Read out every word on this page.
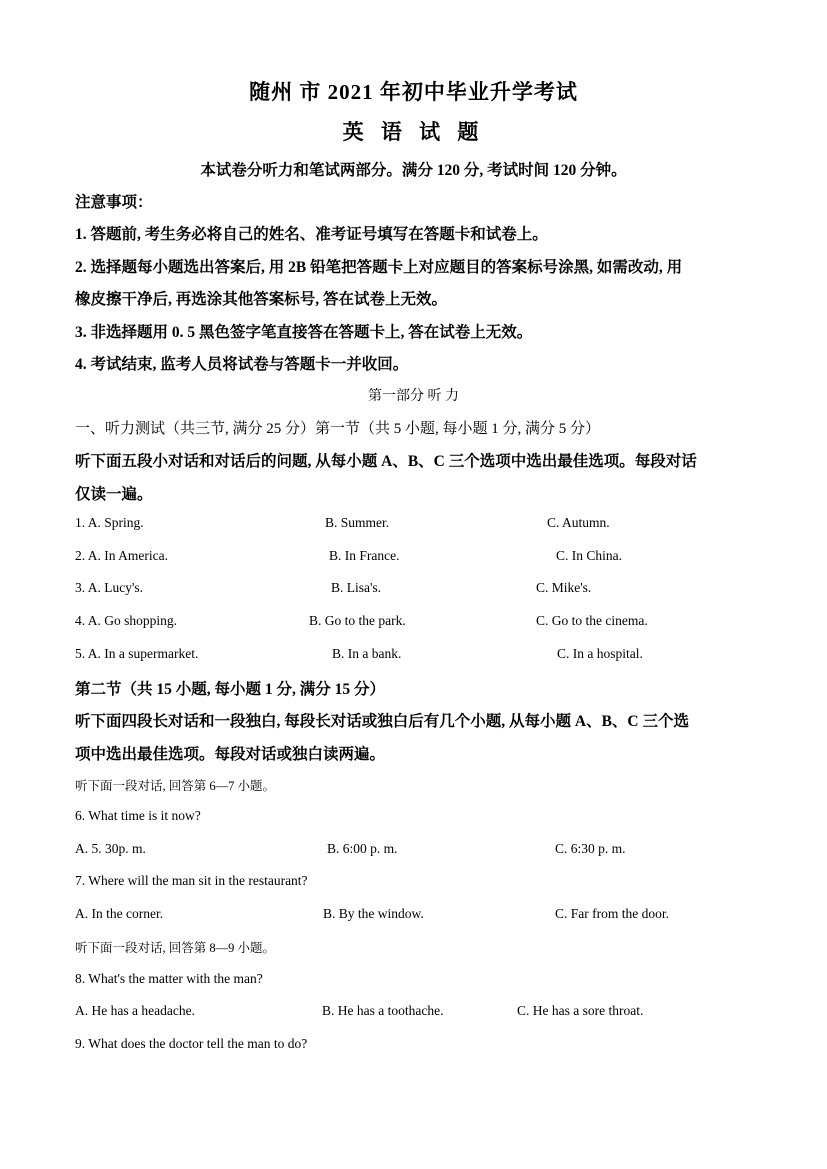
随州 市 2021 年初中毕业升学考试
英 语 试 题
本试卷分听力和笔试两部分。满分 120 分, 考试时间 120 分钟。
注意事项：
1. 答题前, 考生务必将自己的姓名、准考证号填写在答题卡和试卷上。
2. 选择题每小题选出答案后, 用 2B 铅笔把答题卡上对应题目的答案标号涂黑, 如需改动, 用
橡皮擦干净后, 再选涂其他答案标号, 答在试卷上无效。
3. 非选择题用 0. 5 黑色签字笔直接答在答题卡上, 答在试卷上无效。
4. 考试结束, 监考人员将试卷与答题卡一并收回。
第一部分 听 力
一、听力测试（共三节, 满分 25 分）第一节（共 5 小题, 每小题 1 分, 满分 5 分）
听下面五段小对话和对话后的问题, 从每小题 A、B、C 三个选项中选出最佳选项。每段对话
仅读一遍。
1. A. Spring.	B. Summer.	C. Autumn.
2. A. In America.	B. In France.	C. In China.
3. A. Lucy's.	B. Lisa's.	C. Mike's.
4. A. Go shopping.	B. Go to the park.	C. Go to the cinema.
5. A. In a supermarket.	B. In a bank.	C. In a hospital.
第二节（共 15 小题, 每小题 1 分, 满分 15 分）
听下面四段长对话和一段独白, 每段长对话或独白后有几个小题, 从每小题 A、B、C 三个选
项中选出最佳选项。每段对话或独白读两遍。
听下面一段对话, 回答第 6—7 小题。
6. What time is it now?
A. 5. 30p. m.	B. 6:00 p. m.	C. 6:30 p. m.
7. Where will the man sit in the restaurant?
A. In the corner.	B. By the window.	C. Far from the door.
听下面一段对话, 回答第 8—9 小题。
8. What's the matter with the man?
A. He has a headache.	B. He has a toothache.	C. He has a sore throat.
9. What does the doctor tell the man to do?
